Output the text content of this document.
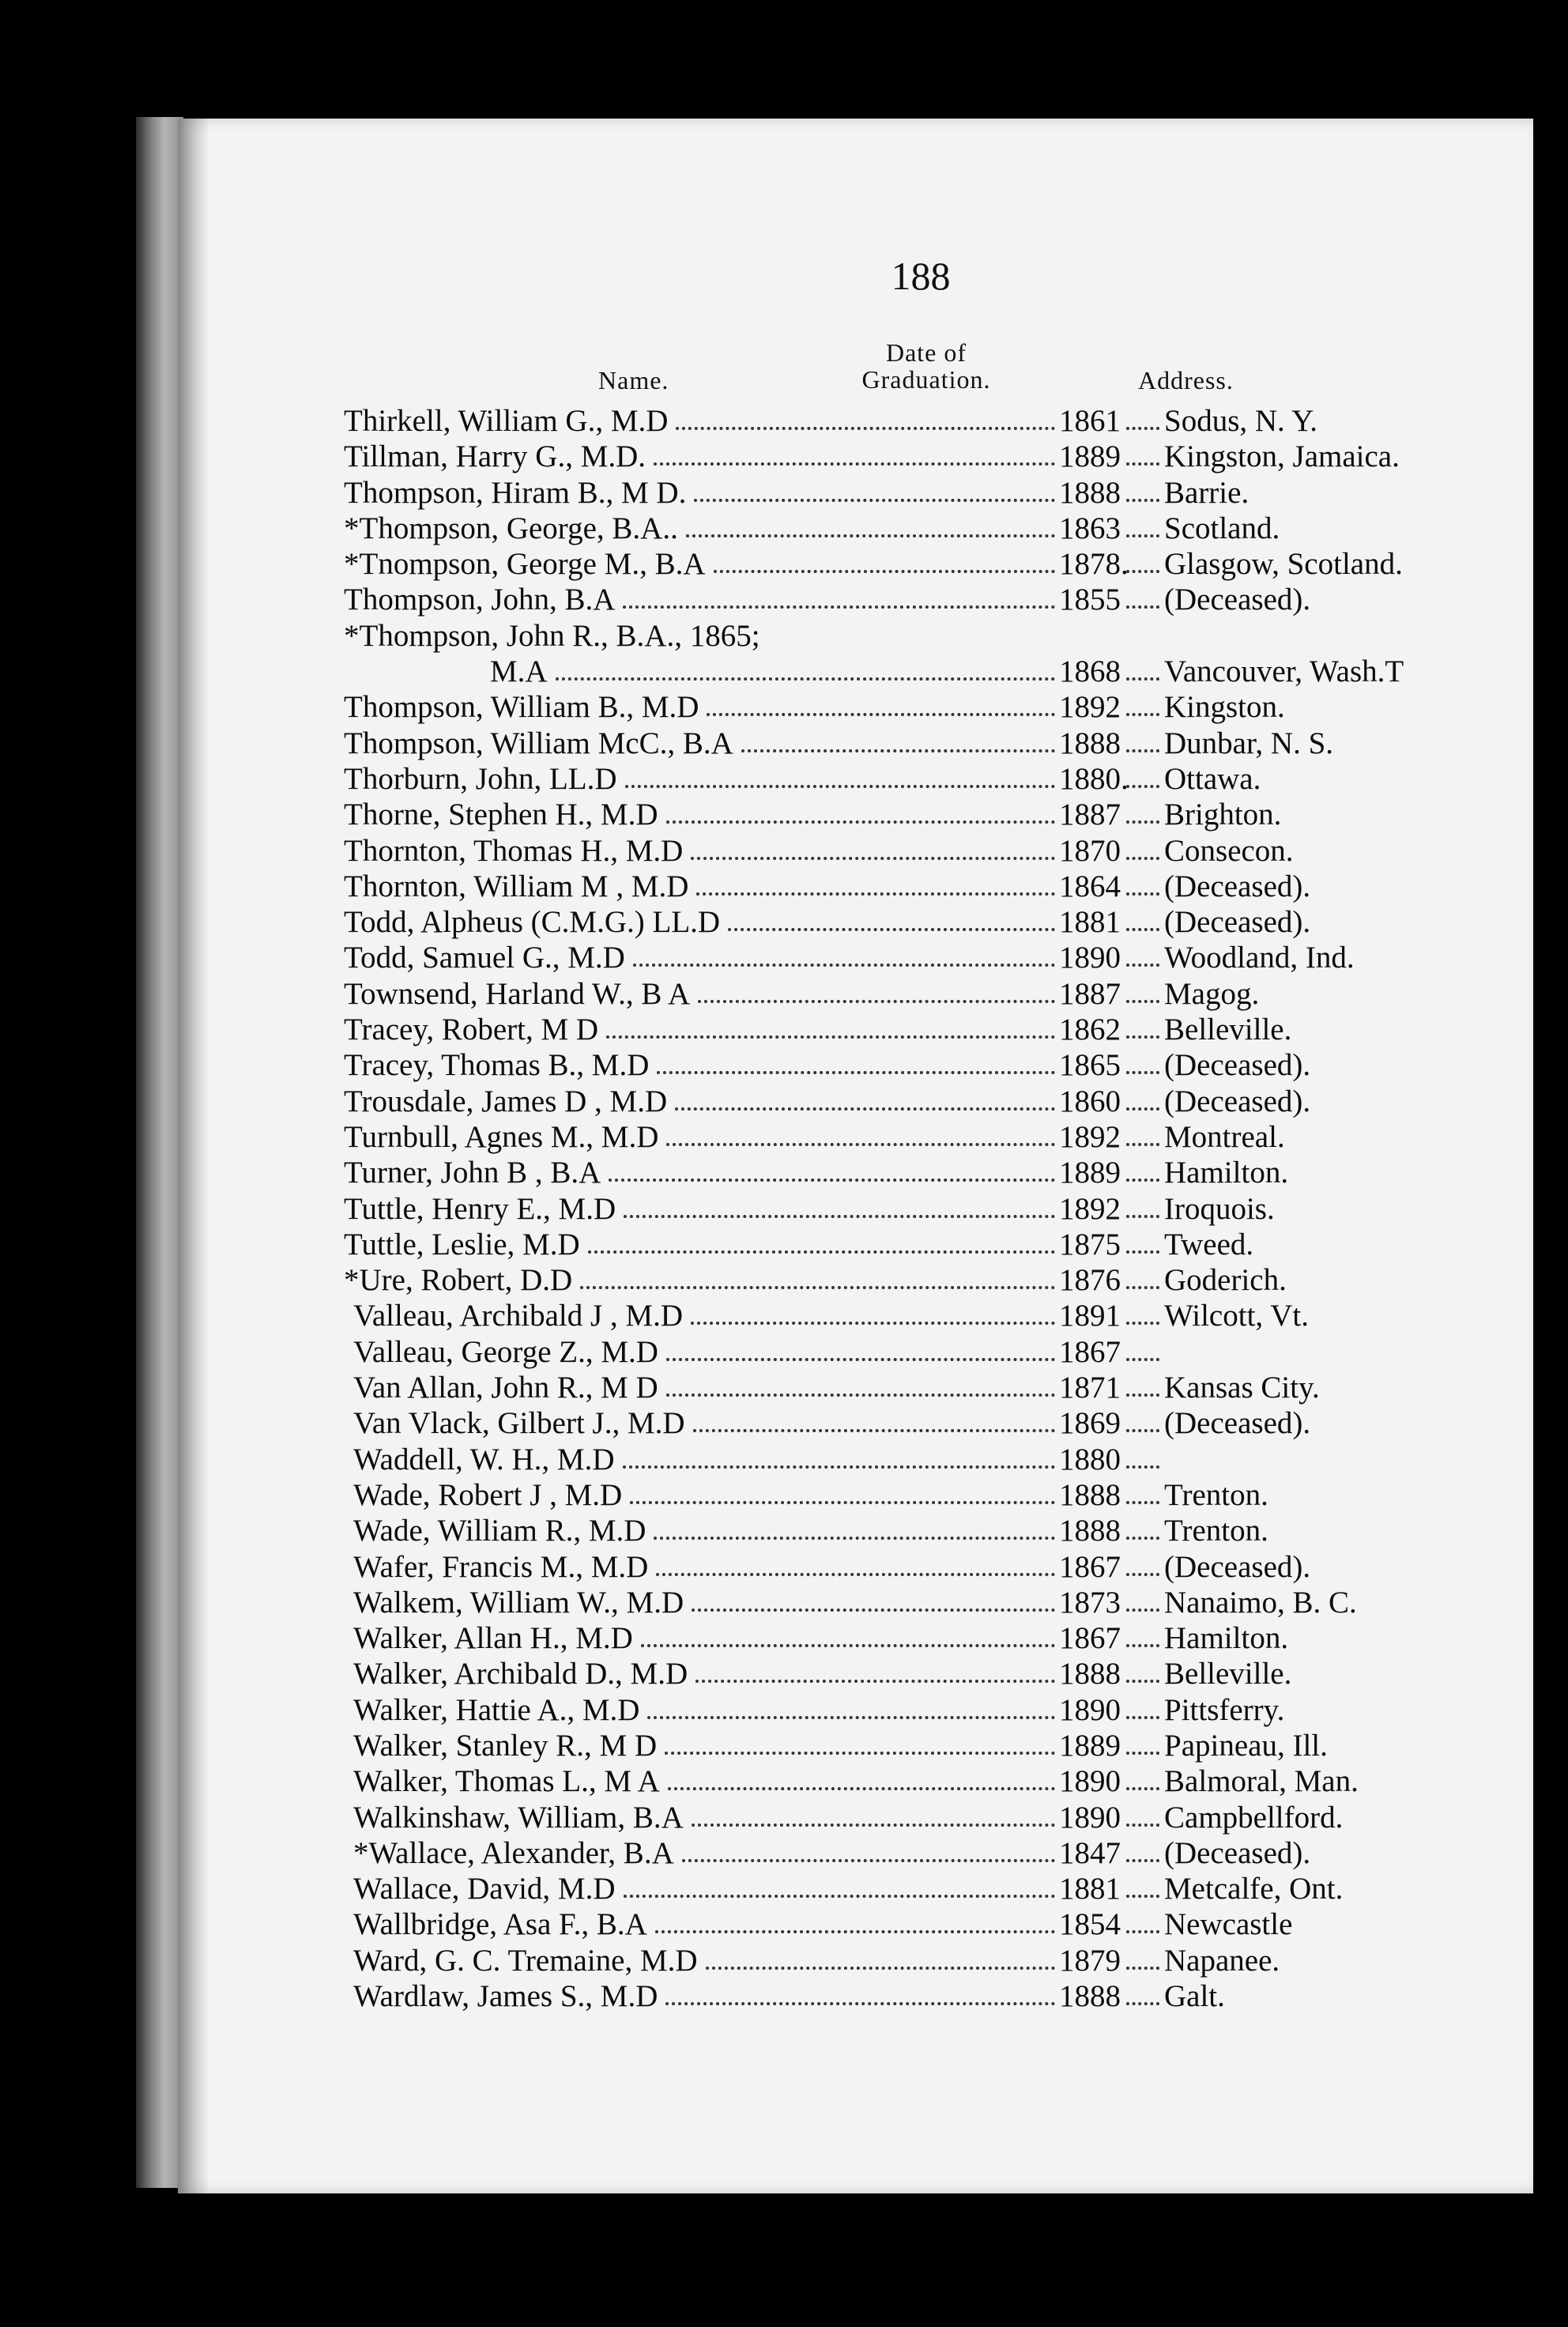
188
Name.
Date of
Graduation.	Address.
Thirkell, William G., M.D	1861 Sodus, N. Y.
Tillman, Harry G., M.D.	1889 Kingston, Jamaica.
Thompson, Hiram B., M D.	1888 Barrie.
*Thompson, George, B.A..	1863 Scotland.
*Tnompson, George M., B.A	1878. Glasgow, Scotland.
Thompson, John, B.A	1855 (Deceased).
*Thompson, John R., B.A., 1865;
M.A	1868 Vancouver, Wash.T
Thompson, William B., M.D	1892 Kingston.
Thompson, William McC., B.A	1888 Dunbar, N. S.
Thorburn, John, LL.D	1880. Ottawa.
Thorne, Stephen H., M.D	1887 Brighton.
Thornton, Thomas H., M.D	1870 Consecon.
Thornton, William M , M.D	1864 (Deceased).
Todd, Alpheus (C.M.G.) LL.D	1881 (Deceased).
Todd, Samuel G., M.D	1890 Woodland, Ind.
Townsend, Harland W., B A	1887 Magog.
Tracey, Robert, M D	1862 Belleville.
Tracey, Thomas B., M.D	1865 (Deceased).
Trousdale, James D , M.D	1860 (Deceased).
Turnbull, Agnes M., M.D	1892 Montreal.
Turner, John B , B.A	1889 Hamilton.
Tuttle, Henry E., M.D	1892 Iroquois.
Tuttle, Leslie, M.D	1875 Tweed.
*Ure, Robert, D.D	1876 Goderich.
Valleau, Archibald J , M.D	1891 Wilcott, Vt.
Valleau, George Z., M.D	1867
Van Allan, John R., M D	1871 Kansas City.
Van Vlack, Gilbert J., M.D	1869 (Deceased).
Waddell, W. H., M.D	1880
Wade, Robert J , M.D	1888 Trenton.
Wade, William R., M.D	1888 Trenton.
Wafer, Francis M., M.D	1867 (Deceased).
Walkem, William W., M.D	1873 Nanaimo, B. C.
Walker, Allan H., M.D	1867 Hamilton.
Walker, Archibald D., M.D	1888 Belleville.
Walker, Hattie A., M.D	1890 Pittsferry.
Walker, Stanley R., M D	1889 Papineau, Ill.
Walker, Thomas L., M A	1890 Balmoral, Man.
Walkinshaw, William, B.A	1890 Campbellford.
*Wallace, Alexander, B.A	1847 (Deceased).
Wallace, David, M.D	1881 Metcalfe, Ont.
Wallbridge, Asa F., B.A	1854 Newcastle
Ward, G. C. Tremaine, M.D	1879 Napanee.
Wardlaw, James S., M.D	1888 Galt.
